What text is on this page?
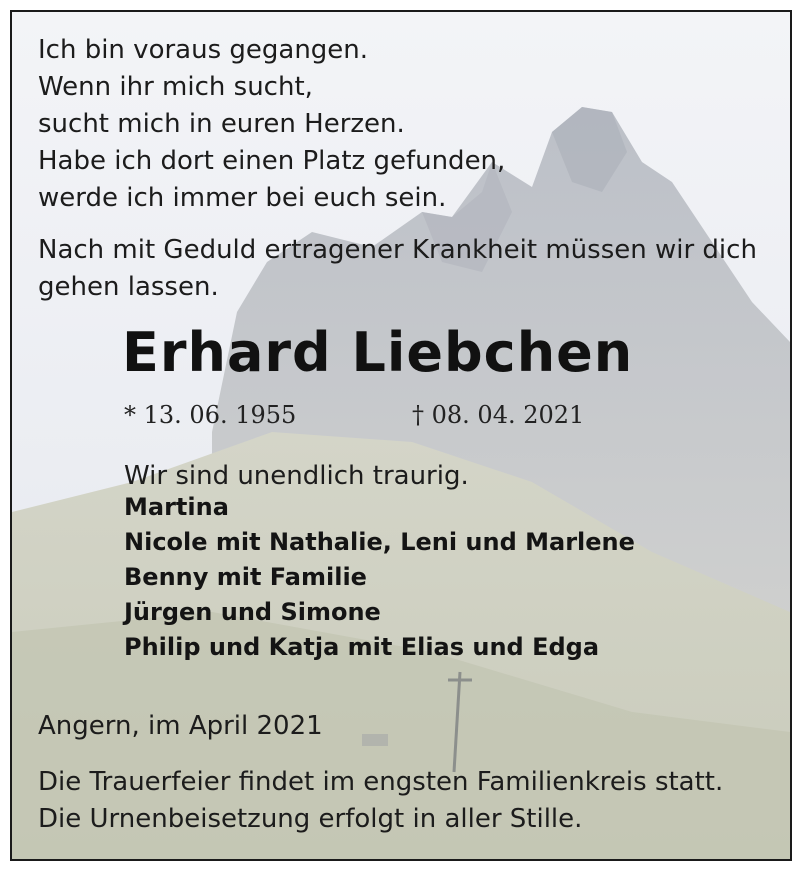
Ich bin voraus gegangen.
Wenn ihr mich sucht,
sucht mich in euren Herzen.
Habe ich dort einen Platz gefunden,
werde ich immer bei euch sein.

Nach mit Geduld ertragener Krankheit müssen wir dich
gehen lassen.

Erhard Liebchen
* 13. 06. 1955	† 08. 04. 2021

Wir sind unendlich traurig.

Martina
Nicole mit Nathalie, Leni und Marlene
Benny mit Familie
Jürgen und Simone
Philip und Katja mit Elias und Edga

Angern, im April 2021

Die Trauerfeier findet im engsten Familienkreis statt.
Die Urnenbeisetzung erfolgt in aller Stille.
